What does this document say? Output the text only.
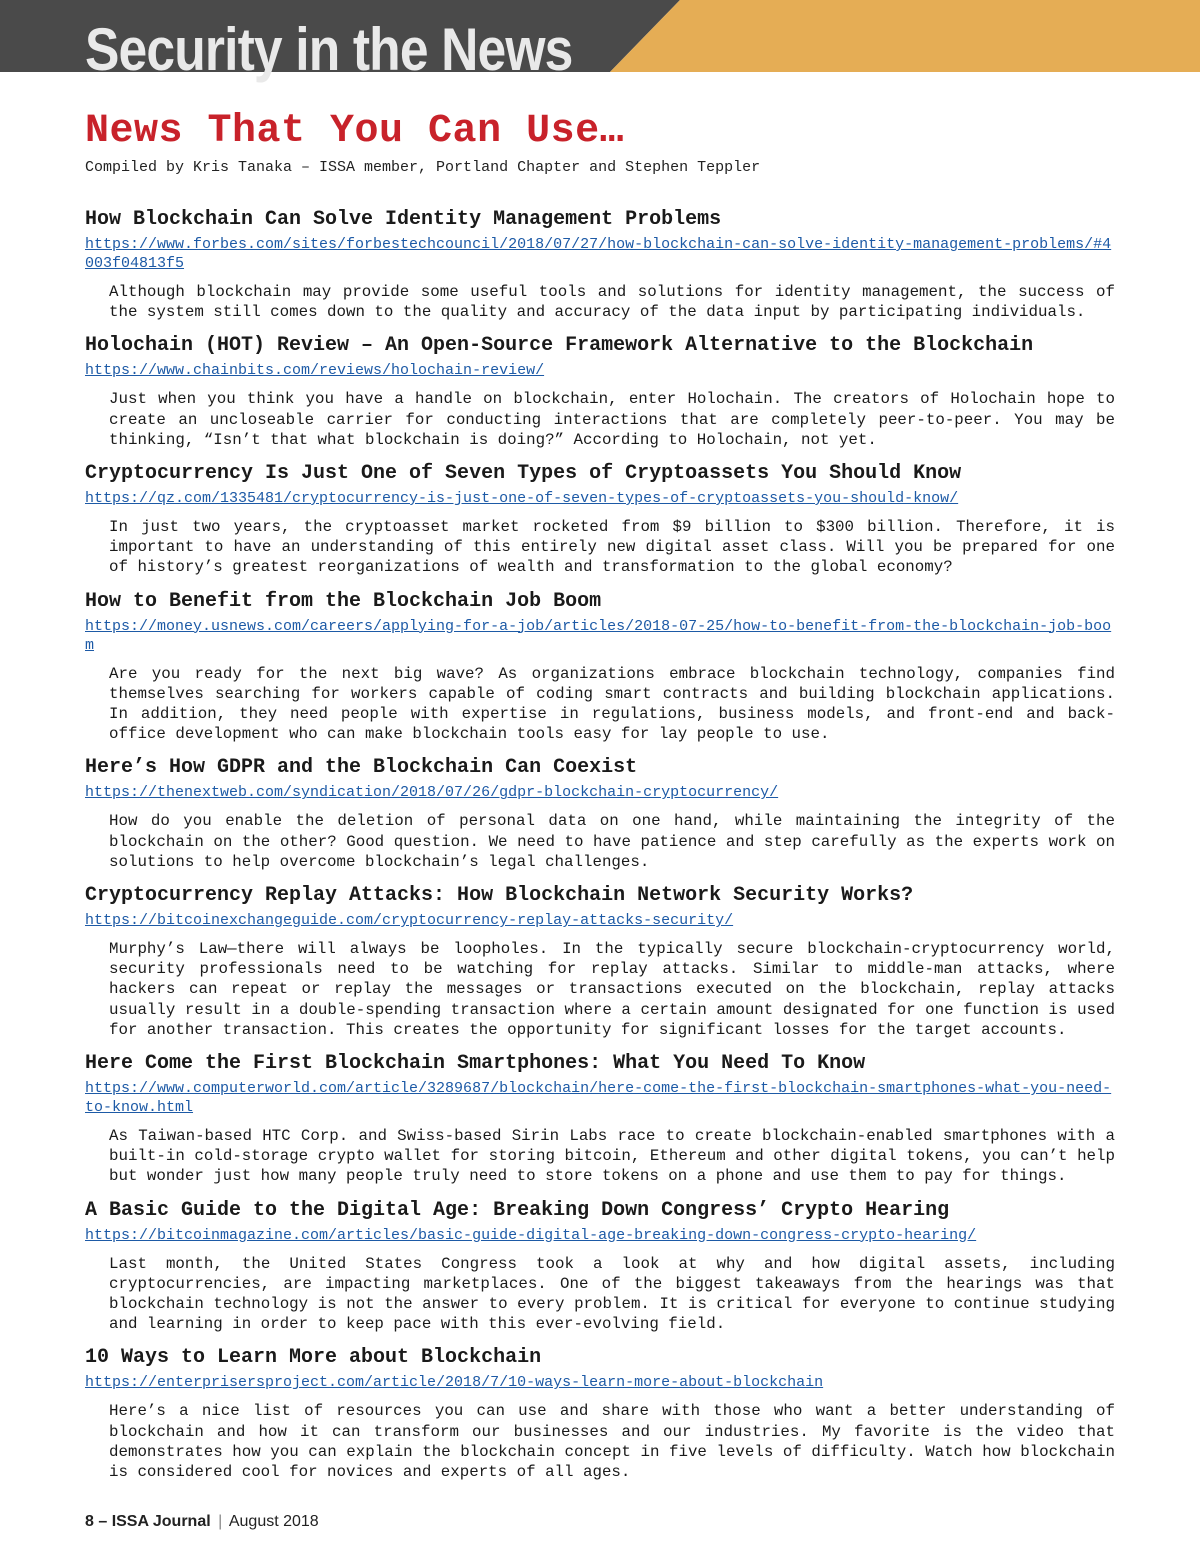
Security in the News
News That You Can Use…

Compiled by Kris Tanaka – ISSA member, Portland Chapter and Stephen Teppler

How Blockchain Can Solve Identity Management Problems
https://www.forbes.com/sites/forbestechcouncil/2018/07/27/how-blockchain-can-solve-identity-management-problems/#4003f04813f5

Although blockchain may provide some useful tools and solutions for identity management, the success of the system still comes down to the quality and accuracy of the data input by participating individuals.

Holochain (HOT) Review – An Open-Source Framework Alternative to the Blockchain
https://www.chainbits.com/reviews/holochain-review/

Just when you think you have a handle on blockchain, enter Holochain. The creators of Holochain hope to create an uncloseable carrier for conducting interactions that are completely peer-to-peer. You may be thinking, “Isn’t that what blockchain is doing?” According to Holochain, not yet.

Cryptocurrency Is Just One of Seven Types of Cryptoassets You Should Know
https://qz.com/1335481/cryptocurrency-is-just-one-of-seven-types-of-cryptoassets-you-should-know/

In just two years, the cryptoasset market rocketed from $9 billion to $300 billion. Therefore, it is important to have an understanding of this entirely new digital asset class. Will you be prepared for one of history’s greatest reorganizations of wealth and transformation to the global economy?

How to Benefit from the Blockchain Job Boom
https://money.usnews.com/careers/applying-for-a-job/articles/2018-07-25/how-to-benefit-from-the-blockchain-job-boom

Are you ready for the next big wave? As organizations embrace blockchain technology, companies find themselves searching for workers capable of coding smart contracts and building blockchain applications. In addition, they need people with expertise in regulations, business models, and front-end and back-office development who can make blockchain tools easy for lay people to use.

Here’s How GDPR and the Blockchain Can Coexist
https://thenextweb.com/syndication/2018/07/26/gdpr-blockchain-cryptocurrency/

How do you enable the deletion of personal data on one hand, while maintaining the integrity of the blockchain on the other? Good question. We need to have patience and step carefully as the experts work on solutions to help overcome blockchain’s legal challenges.

Cryptocurrency Replay Attacks: How Blockchain Network Security Works?
https://bitcoinexchangeguide.com/cryptocurrency-replay-attacks-security/

Murphy’s Law—there will always be loopholes. In the typically secure blockchain-cryptocurrency world, security professionals need to be watching for replay attacks. Similar to middle-man attacks, where hackers can repeat or replay the messages or transactions executed on the blockchain, replay attacks usually result in a double-spending transaction where a certain amount designated for one function is used for another transaction. This creates the opportunity for significant losses for the target accounts.

Here Come the First Blockchain Smartphones: What You Need To Know
https://www.computerworld.com/article/3289687/blockchain/here-come-the-first-blockchain-smartphones-what-you-need-to-know.html

As Taiwan-based HTC Corp. and Swiss-based Sirin Labs race to create blockchain-enabled smartphones with a built-in cold-storage crypto wallet for storing bitcoin, Ethereum and other digital tokens, you can’t help but wonder just how many people truly need to store tokens on a phone and use them to pay for things.

A Basic Guide to the Digital Age: Breaking Down Congress’ Crypto Hearing
https://bitcoinmagazine.com/articles/basic-guide-digital-age-breaking-down-congress-crypto-hearing/

Last month, the United States Congress took a look at why and how digital assets, including cryptocurrencies, are impacting marketplaces. One of the biggest takeaways from the hearings was that blockchain technology is not the answer to every problem. It is critical for everyone to continue studying and learning in order to keep pace with this ever-evolving field.

10 Ways to Learn More about Blockchain
https://enterprisersproject.com/article/2018/7/10-ways-learn-more-about-blockchain

Here’s a nice list of resources you can use and share with those who want a better understanding of blockchain and how it can transform our businesses and our industries. My favorite is the video that demonstrates how you can explain the blockchain concept in five levels of difficulty. Watch how blockchain is considered cool for novices and experts of all ages.

8 – ISSA Journal | August 2018
